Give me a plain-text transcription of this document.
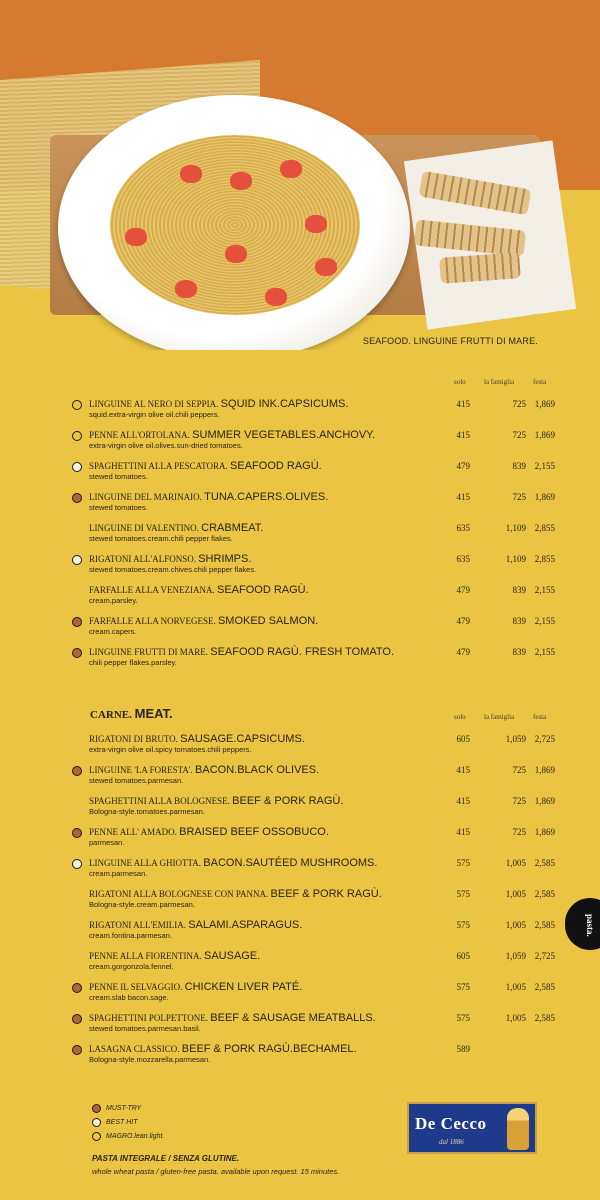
SEAFOOD. LINGUINE FRUTTI DI MARE.
solo	la famiglia	festa
LINGUINE AL NERO DI SEPPIA. SQUID INK.CAPSICUMS.
squid.extra-virgin olive oil.chili peppers.
415	725 1,869
PENNE ALL'ORTOLANA. SUMMER VEGETABLES.ANCHOVY.
extra-virgin olive oil.olives.sun-dried tomatoes.
415	725 1,869
SPAGHETTINI ALLA PESCATORA. SEAFOOD RAGÙ.
stewed tomatoes.
479	839 2,155
LINGUINE DEL MARINAIO. TUNA.CAPERS.OLIVES.
stewed tomatoes.
415	725 1,869
LINGUINE DI VALENTINO. CRABMEAT.
stewed tomatoes.cream.chili pepper flakes.
635	1,109 2,855
RIGATONI ALL'ALFONSO. SHRIMPS.
stewed tomatoes.cream.chives.chili pepper flakes.
635	1,109 2,855
FARFALLE ALLA VENEZIANA. SEAFOOD RAGÙ.
cream.parsley.
479	839 2,155
FARFALLE ALLA NORVEGESE. SMOKED SALMON.
cream.capers.
479	839 2,155
LINGUINE FRUTTI DI MARE. SEAFOOD RAGÙ. FRESH TOMATO.
chili pepper flakes.parsley.
479	839 2,155
CARNE. MEAT.	solo	la famiglia	festa
RIGATONI DI BRUTO. SAUSAGE.CAPSICUMS.
extra-virgin olive oil.spicy tomatoes.chili peppers.
605	1,059 2,725
LINGUINE 'LA FORESTA'. BACON.BLACK OLIVES.
stewed tomatoes.parmesan.
415	725 1,869
SPAGHETTINI ALLA BOLOGNESE. BEEF & PORK RAGÙ.
Bologna-style.tomatoes.parmesan.
415	725 1,869
PENNE ALL' AMADO. BRAISED BEEF OSSOBUCO.
parmesan.
415	725 1,869
LINGUINE ALLA GHIOTTA. BACON.SAUTÉED MUSHROOMS.
cream.parmesan.
575	1,005 2,585
RIGATONI ALLA BOLOGNESE CON PANNA. BEEF & PORK RAGÙ.
Bologna-style.cream.parmesan.
575	1,005 2,585
RIGATONI ALL'EMILIA. SALAMI.ASPARAGUS.
cream.fontina.parmesan.
575	1,005 2,585
PENNE ALLA FIORENTINA. SAUSAGE.
cream.gorgonzola.fennel.
605	1,059 2,725
PENNE IL SELVAGGIO. CHICKEN LIVER PATÉ.
cream.slab bacon.sage.
575	1,005 2,585
SPAGHETTINI POLPETTONE. BEEF & SAUSAGE MEATBALLS.
stewed tomatoes.parmesan.basil.
575	1,005 2,585
LASAGNA CLASSICO. BEEF & PORK RAGÙ.BECHAMEL.
Bologna-style.mozzarella.parmesan.
589
pasta.
MUST-TRY
BEST HIT
MAGRO.lean.light.
De Cecco
dal 1886
PASTA INTEGRALE / SENZA GLUTINE.
whole wheat pasta / gluten-free pasta. available upon request. 15 minutes.
